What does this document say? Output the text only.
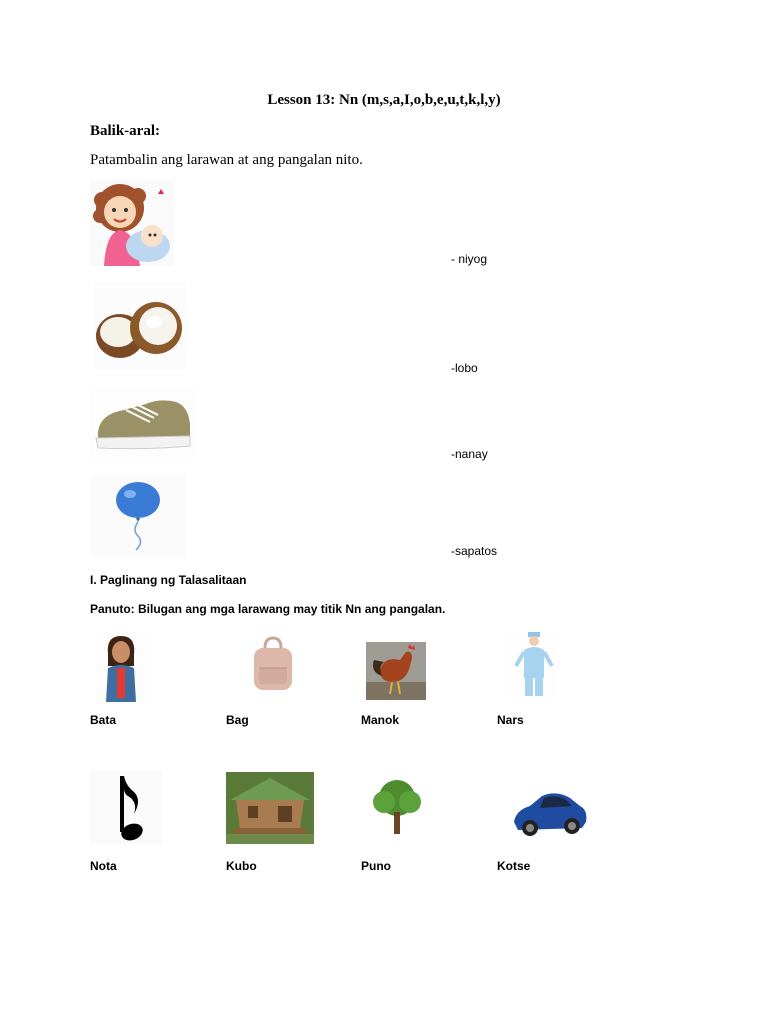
Lesson 13: Nn (m,s,a,I,o,b,e,u,t,k,l,y)
Balik-aral:
Patambalin ang larawan at ang pangalan nito.
- niyog
-lobo
-nanay
-sapatos
I. Paglinang ng Talasalitaan
Panuto: Bilugan ang mga larawang may titik Nn ang pangalan.
Bata	Bag	Manok	Nars
Nota	Kubo	Puno	Kotse
